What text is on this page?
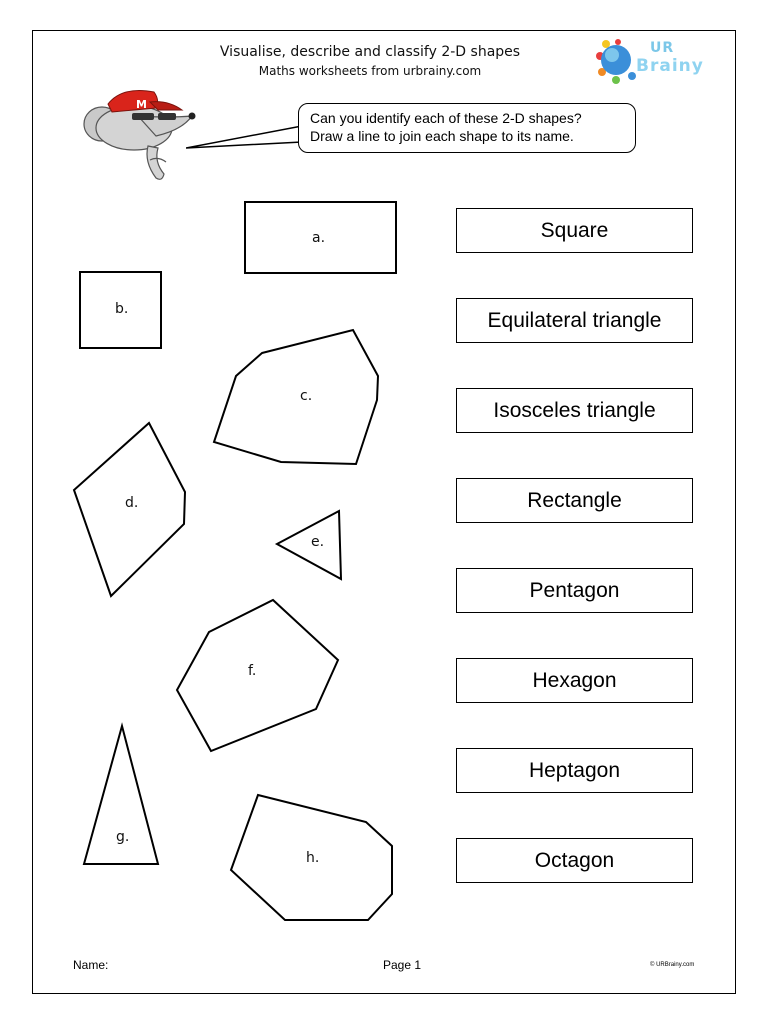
Visualise, describe and classify 2-D shapes
Maths worksheets from urbrainy.com
UR
Brainy
M
Can you identify each of these 2-D shapes?
Draw a line to join each shape to its name.
a.
b.
c.
d.
e.
f.
g.
h.
Square
Equilateral triangle
Isosceles triangle
Rectangle
Pentagon
Hexagon
Heptagon
Octagon
Name:	Page 1	© URBrainy.com
